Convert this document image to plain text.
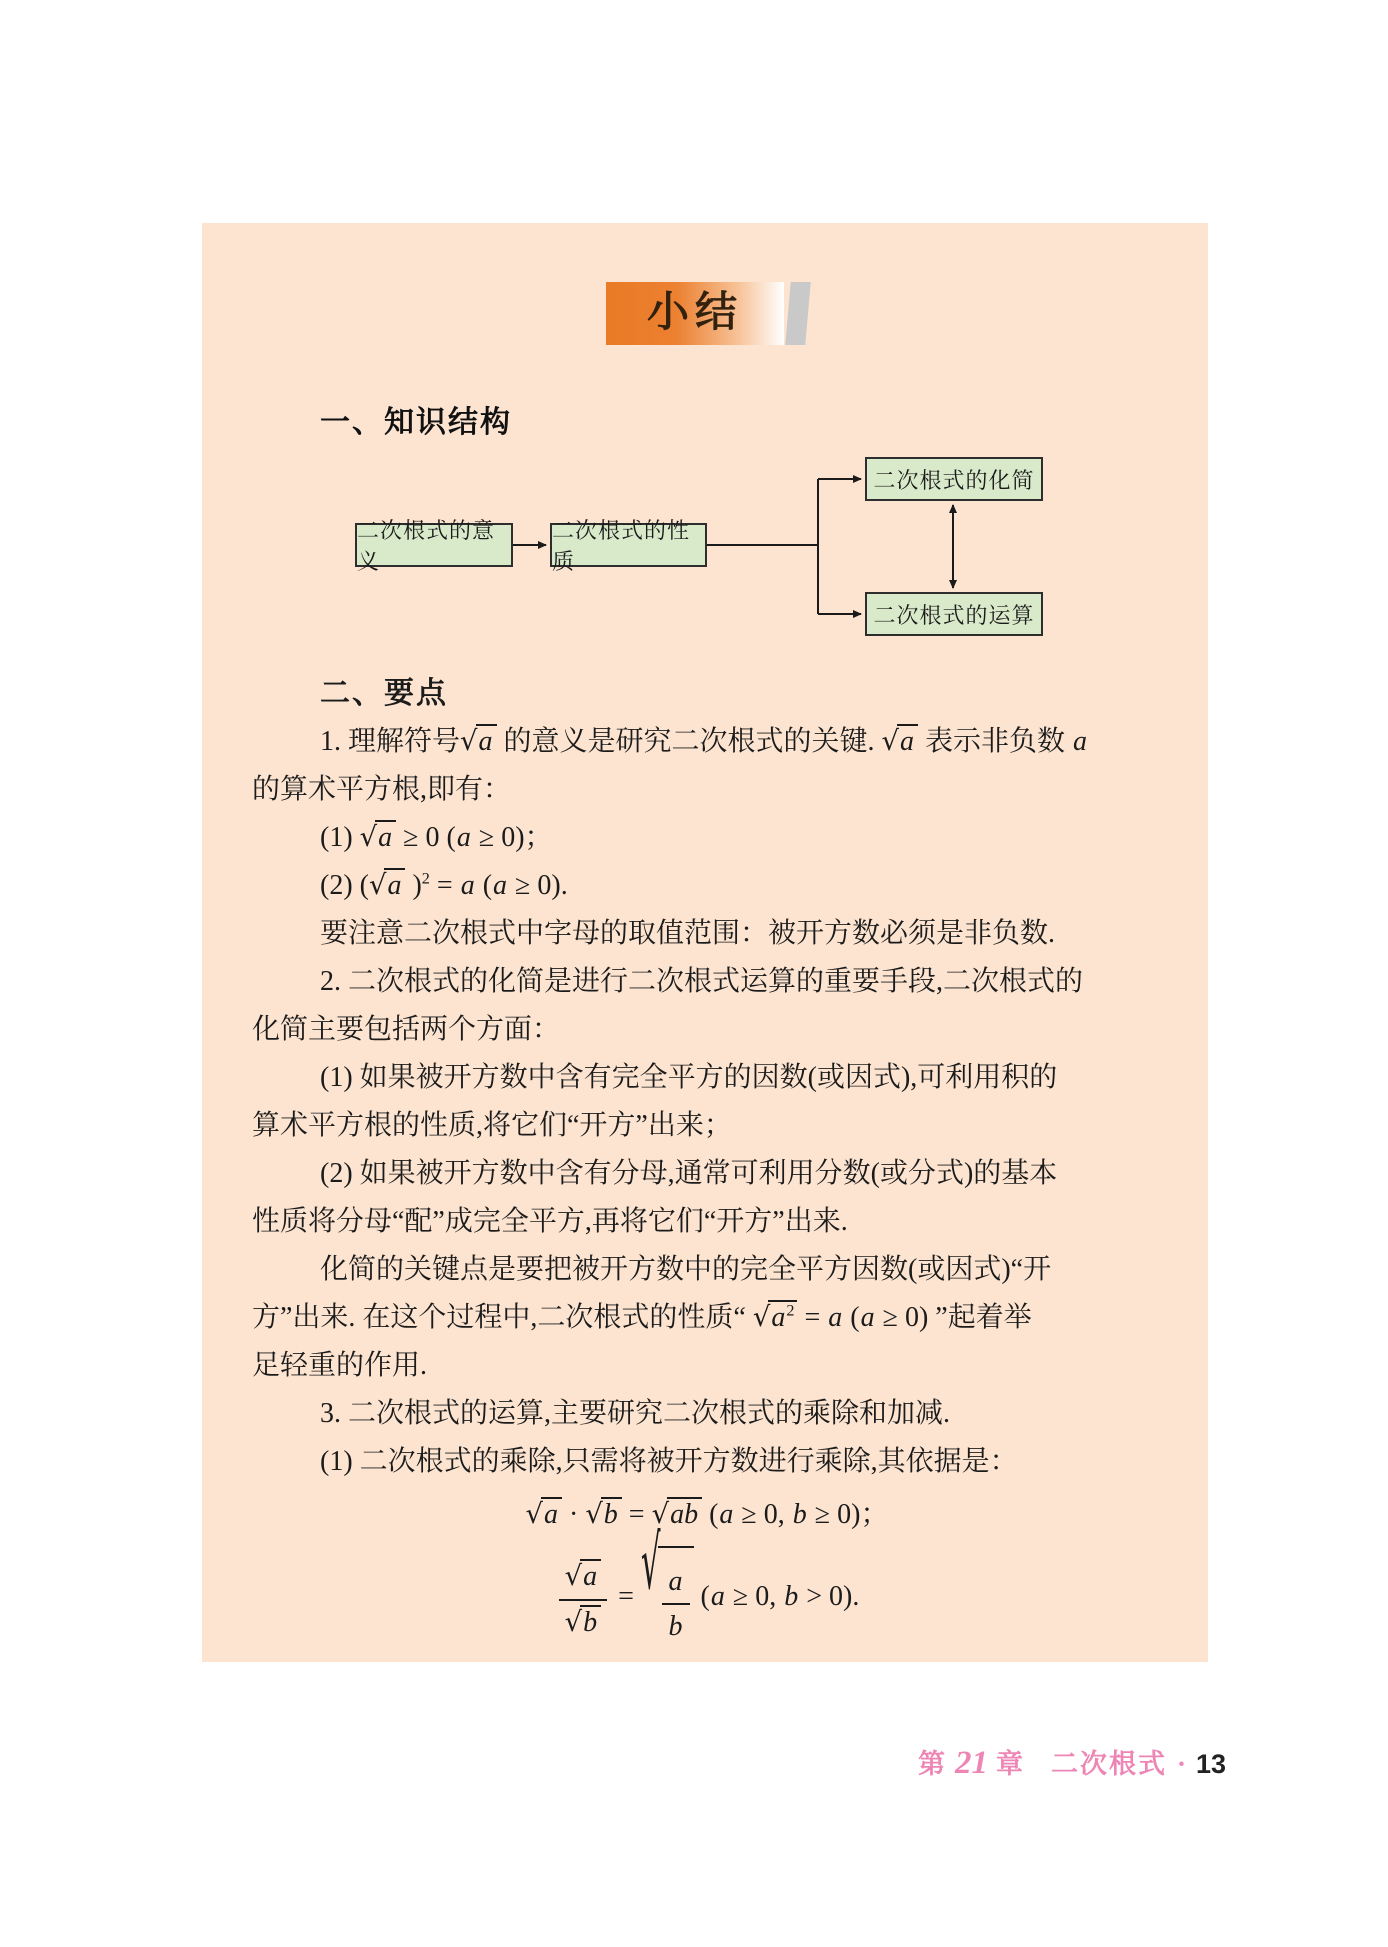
小结
一、知识结构
二次根式的意义
二次根式的性质
二次根式的化简
二次根式的运算
二、要点
1. 理解符号√a 的意义是研究二次根式的关键. √a 表示非负数 a
的算术平方根,即有：
(1) √a ≥ 0 (a ≥ 0)；
(2) (√a )$^2$ = a (a ≥ 0).
要注意二次根式中字母的取值范围：被开方数必须是非负数.
2. 二次根式的化简是进行二次根式运算的重要手段,二次根式的
化简主要包括两个方面：
(1) 如果被开方数中含有完全平方的因数(或因式),可利用积的
算术平方根的性质,将它们“开方”出来；
(2) 如果被开方数中含有分母,通常可利用分数(或分式)的基本
性质将分母“配”成完全平方,再将它们“开方”出来.
化简的关键点是要把被开方数中的完全平方因数(或因式)“开
方”出来. 在这个过程中,二次根式的性质“ $√a^2 = a$ (a ≥ 0) ”起着举
足轻重的作用.
3. 二次根式的运算,主要研究二次根式的乘除和加减.
(1) 二次根式的乘除,只需将被开方数进行乘除,其依据是：
√a · √b = √ab (a ≥ 0, b ≥ 0)；
$\frac{√a}{√b}$ = √ $\frac{a}{b} (a \ge 0$, b > 0).
第 21 章 二次根式 · 13
